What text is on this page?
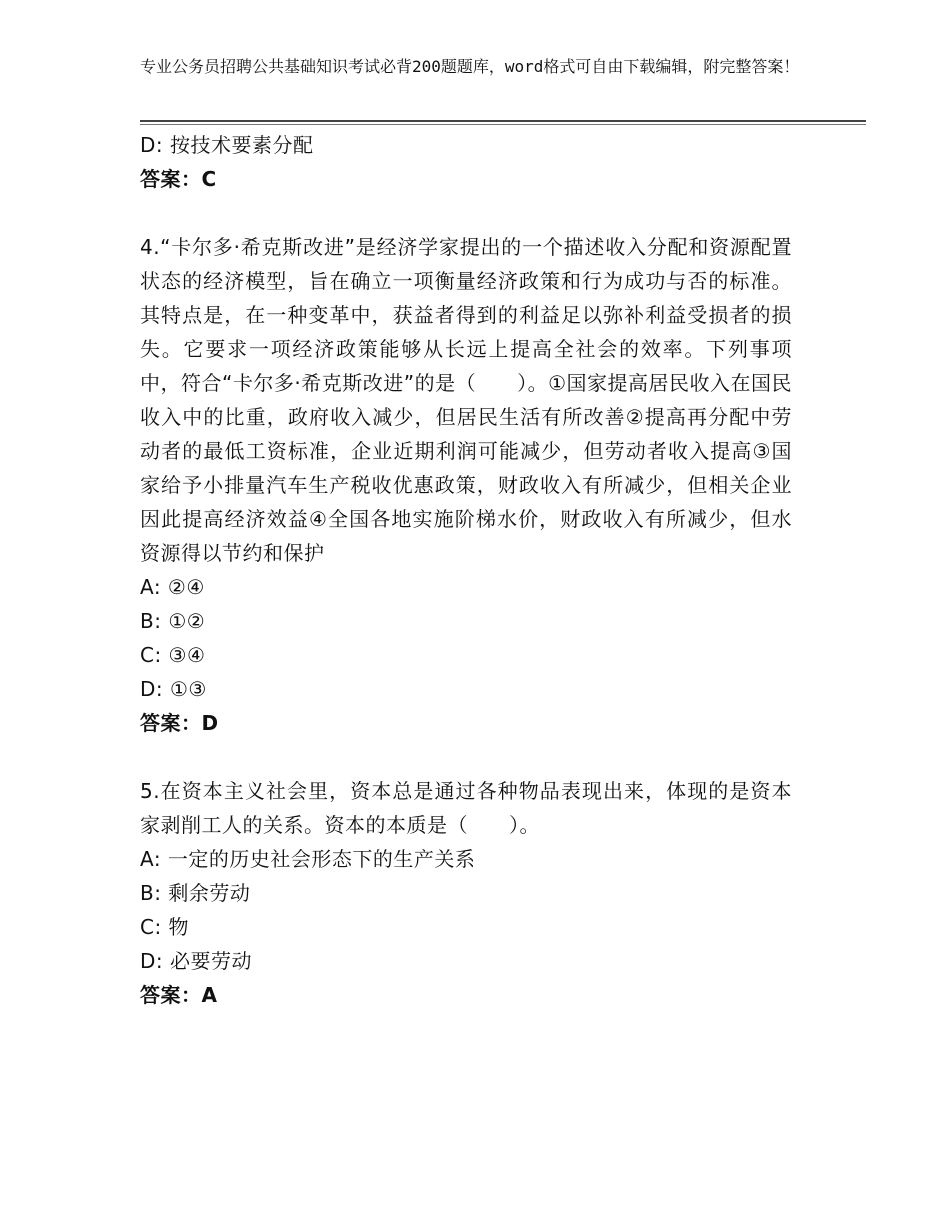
专业公务员招聘公共基础知识考试必背200题题库，word格式可自由下载编辑，附完整答案！
D: 按技术要素分配
答案：C
4.“卡尔多·希克斯改进”是经济学家提出的一个描述收入分配和资源配置状态的经济模型，旨在确立一项衡量经济政策和行为成功与否的标准。其特点是，在一种变革中，获益者得到的利益足以弥补利益受损者的损失。它要求一项经济政策能够从长远上提高全社会的效率。下列事项中，符合“卡尔多·希克斯改进”的是（　　）。①国家提高居民收入在国民收入中的比重，政府收入减少，但居民生活有所改善②提高再分配中劳动者的最低工资标准，企业近期利润可能减少，但劳动者收入提高③国家给予小排量汽车生产税收优惠政策，财政收入有所减少，但相关企业因此提高经济效益④全国各地实施阶梯水价，财政收入有所减少，但水资源得以节约和保护
A: ②④
B: ①②
C: ③④
D: ①③
答案：D
5.在资本主义社会里，资本总是通过各种物品表现出来，体现的是资本家剥削工人的关系。资本的本质是（　　）。
A: 一定的历史社会形态下的生产关系
B: 剩余劳动
C: 物
D: 必要劳动
答案：A
